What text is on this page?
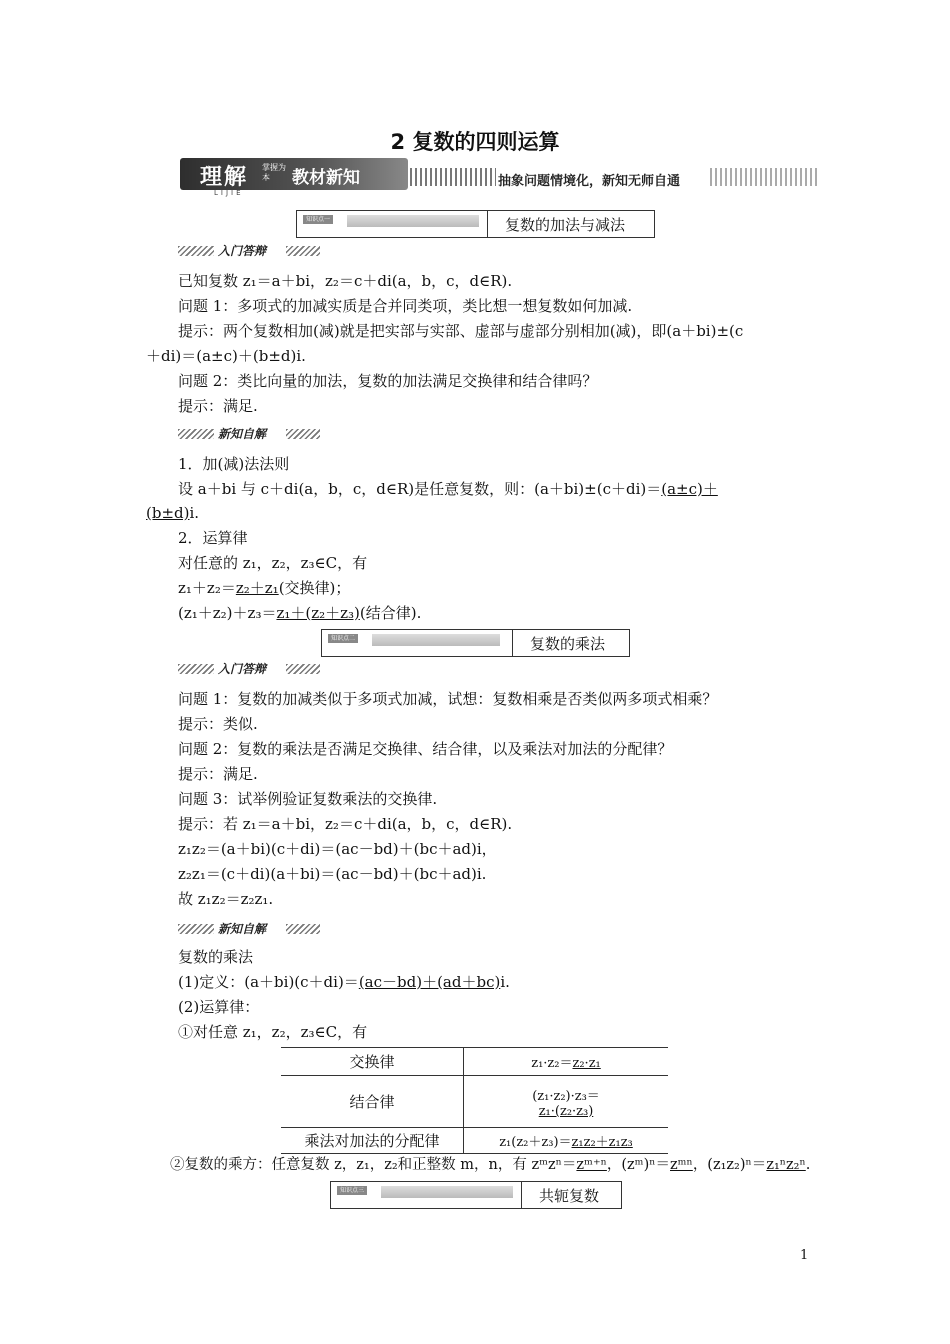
2 复数的四则运算
理解 掌握为本	教材新知
LIJIE
抽象问题情境化，新知无师自通
知识点一	复数的加法与减法
入门答辩
已知复数 z₁＝a＋bi，z₂＝c＋di(a，b，c，d∈R).
问题 1：多项式的加减实质是合并同类项，类比想一想复数如何加减.
提示：两个复数相加(减)就是把实部与实部、虚部与虚部分别相加(减)，即(a＋bi)±(c
＋di)＝(a±c)＋(b±d)i.
问题 2：类比向量的加法，复数的加法满足交换律和结合律吗？
提示：满足.
新知自解
1．加(减)法法则
设 a＋bi 与 c＋di(a，b，c，d∈R)是任意复数，则：(a＋bi)±(c＋di)＝(a±c)＋
(b±d)i.
2．运算律
对任意的 z₁，z₂，z₃∈C，有
z₁＋z₂＝z₂＋z₁(交换律)；
(z₁＋z₂)＋z₃＝z₁＋(z₂＋z₃)(结合律).
知识点二	复数的乘法
入门答辩
问题 1：复数的加减类似于多项式加减，试想：复数相乘是否类似两多项式相乘？
提示：类似.
问题 2：复数的乘法是否满足交换律、结合律，以及乘法对加法的分配律？
提示：满足.
问题 3：试举例验证复数乘法的交换律.
提示：若 z₁＝a＋bi，z₂＝c＋di(a，b，c，d∈R).
z₁z₂＝(a＋bi)(c＋di)＝(ac－bd)＋(bc＋ad)i，
z₂z₁＝(c＋di)(a＋bi)＝(ac－bd)＋(bc＋ad)i.
故 z₁z₂＝z₂z₁.
新知自解
复数的乘法
(1)定义：(a＋bi)(c＋di)＝(ac－bd)＋(ad＋bc)i.
(2)运算律：
①对任意 z₁，z₂，z₃∈C，有
交换律	z₁·z₂＝z₂·z₁
结合律	(z₁·z₂)·z₃＝
z₁·(z₂·z₃)

乘法对加法的分配律	z₁(z₂＋z₃)＝z₁z₂＋z₁z₃
②复数的乘方：任意复数 z，z₁，z₂和正整数 m，n，有 zᵐzⁿ＝zᵐ⁺ⁿ，(zᵐ)ⁿ＝zᵐⁿ，(z₁z₂)ⁿ＝z₁ⁿz₂ⁿ.
知识点三	共轭复数
1
